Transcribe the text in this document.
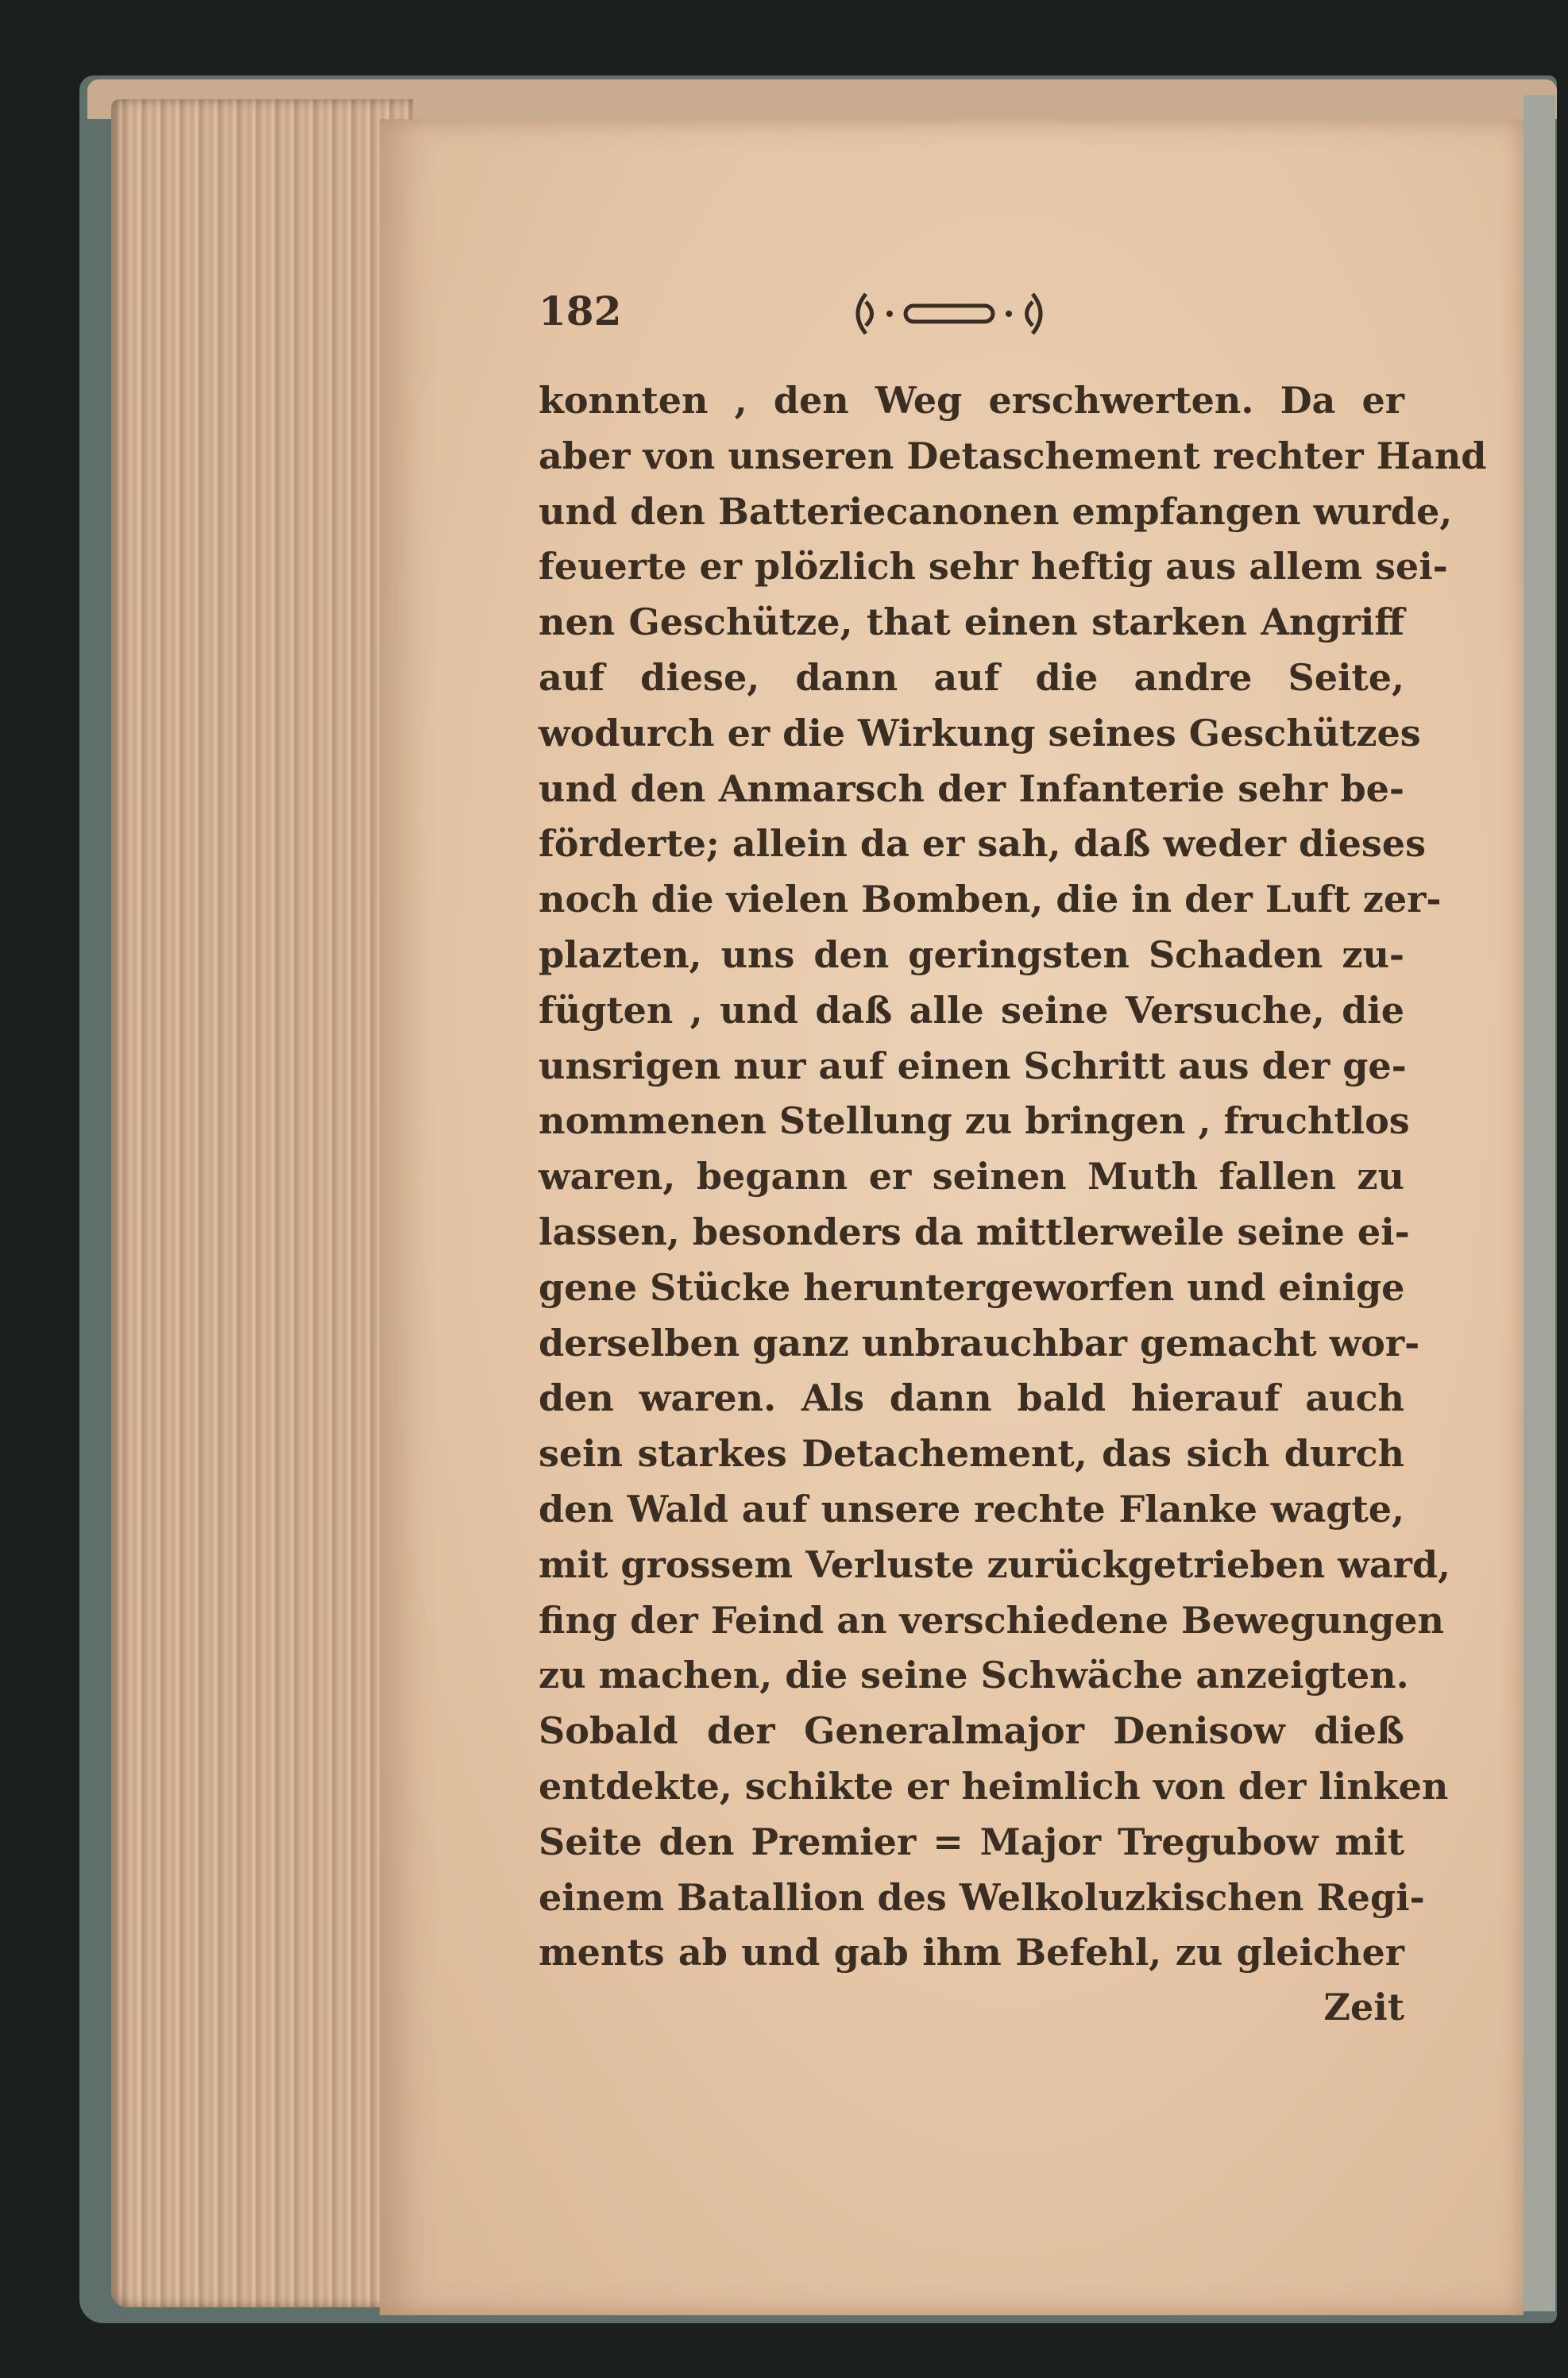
182
konnten , den Weg erschwerten. Da er
aber von unseren Detaschement rechter Hand
und den Batteriecanonen empfangen wurde,
feuerte er plözlich sehr heftig aus allem sei-
nen Geschütze, that einen starken Angriff
auf diese, dann auf die andre Seite,
wodurch er die Wirkung seines Geschützes
und den Anmarsch der Infanterie sehr be-
förderte; allein da er sah, daß weder dieses
noch die vielen Bomben, die in der Luft zer-
plazten, uns den geringsten Schaden zu-
fügten , und daß alle seine Versuche, die
unsrigen nur auf einen Schritt aus der ge-
nommenen Stellung zu bringen , fruchtlos
waren, begann er seinen Muth fallen zu
lassen, besonders da mittlerweile seine ei-
gene Stücke heruntergeworfen und einige
derselben ganz unbrauchbar gemacht wor-
den waren. Als dann bald hierauf auch
sein starkes Detachement, das sich durch
den Wald auf unsere rechte Flanke wagte,
mit grossem Verluste zurückgetrieben ward,
fing der Feind an verschiedene Bewegungen
zu machen, die seine Schwäche anzeigten.
Sobald der Generalmajor Denisow dieß
entdekte, schikte er heimlich von der linken
Seite den Premier = Major Tregubow mit
einem Batallion des Welkoluzkischen Regi-
ments ab und gab ihm Befehl, zu gleicher
Zeit
